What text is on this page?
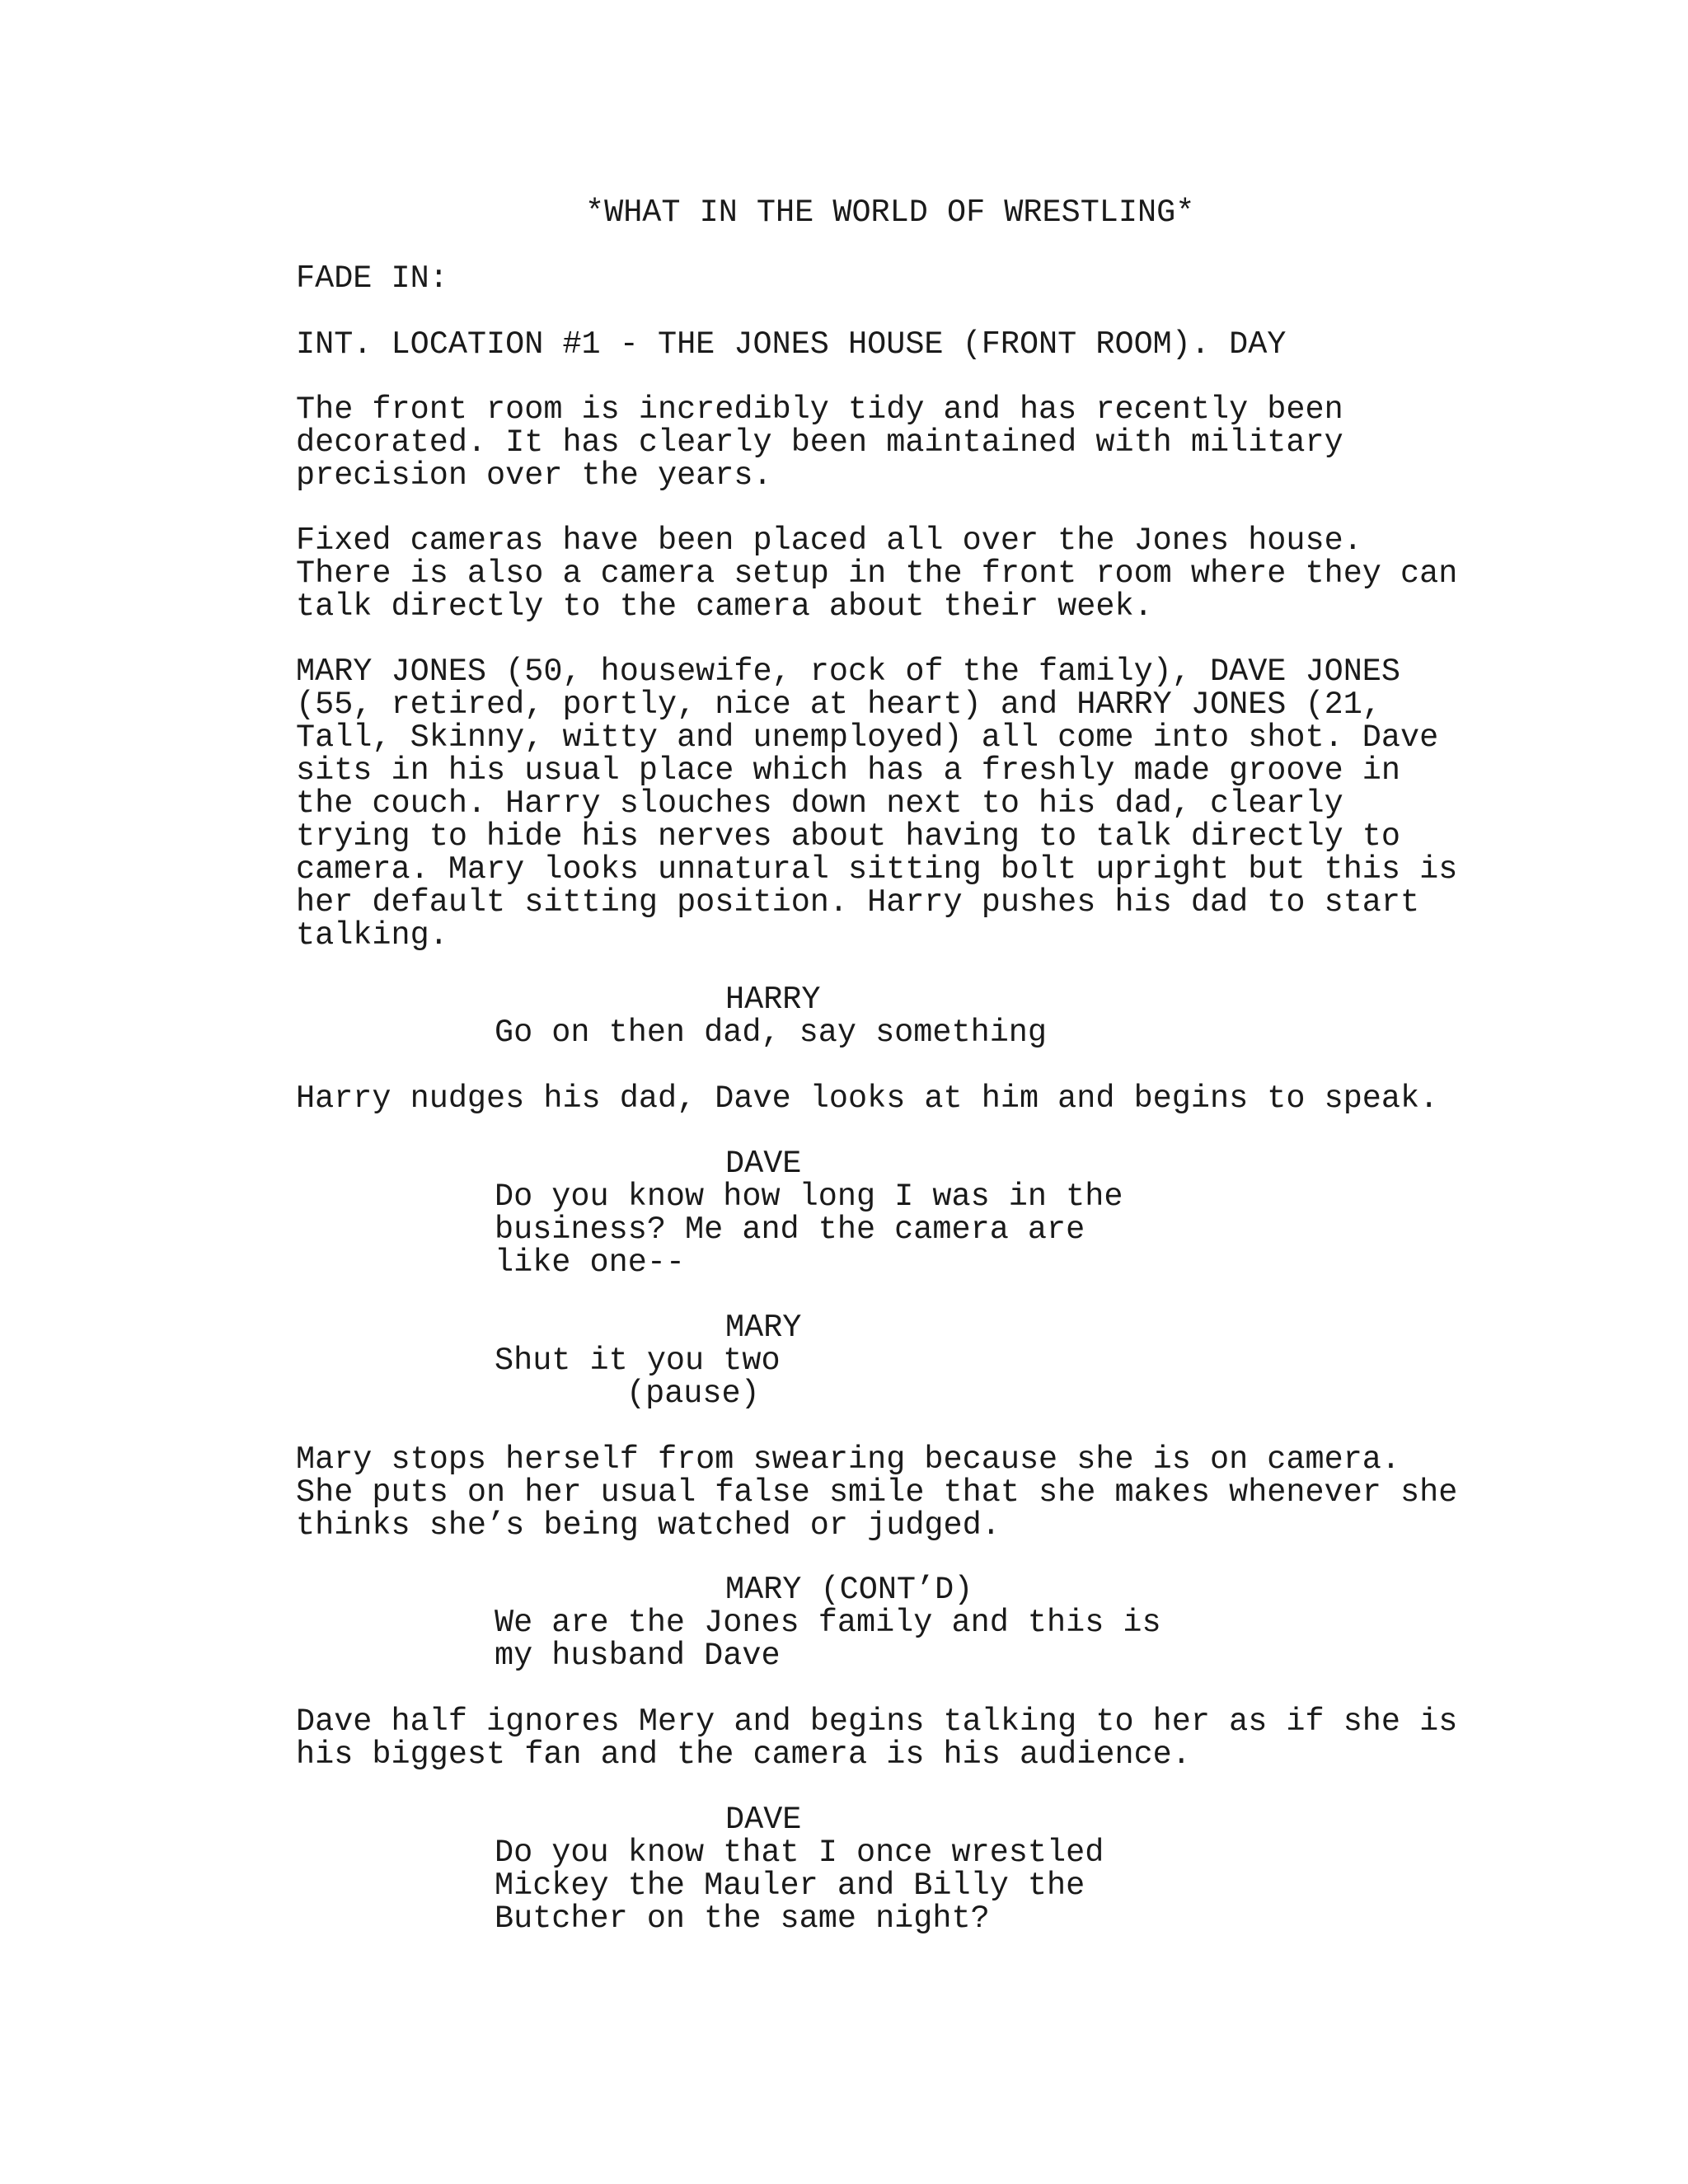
*WHAT IN THE WORLD OF WRESTLING*
FADE IN:
INT. LOCATION #1 - THE JONES HOUSE (FRONT ROOM). DAY
The front room is incredibly tidy and has recently been
decorated. It has clearly been maintained with military
precision over the years.
Fixed cameras have been placed all over the Jones house.
There is also a camera setup in the front room where they can
talk directly to the camera about their week.
MARY JONES (50, housewife, rock of the family), DAVE JONES
(55, retired, portly, nice at heart) and HARRY JONES (21,
Tall, Skinny, witty and unemployed) all come into shot. Dave
sits in his usual place which has a freshly made groove in
the couch. Harry slouches down next to his dad, clearly
trying to hide his nerves about having to talk directly to
camera. Mary looks unnatural sitting bolt upright but this is
her default sitting position. Harry pushes his dad to start
talking.
HARRY
Go on then dad, say something
Harry nudges his dad, Dave looks at him and begins to speak.
DAVE
Do you know how long I was in the
business? Me and the camera are
like one--
MARY
Shut it you two
(pause)
Mary stops herself from swearing because she is on camera.
She puts on her usual false smile that she makes whenever she
thinks she’s being watched or judged.
MARY (CONT’D)
We are the Jones family and this is
my husband Dave
Dave half ignores Mery and begins talking to her as if she is
his biggest fan and the camera is his audience.
DAVE
Do you know that I once wrestled
Mickey the Mauler and Billy the
Butcher on the same night?
